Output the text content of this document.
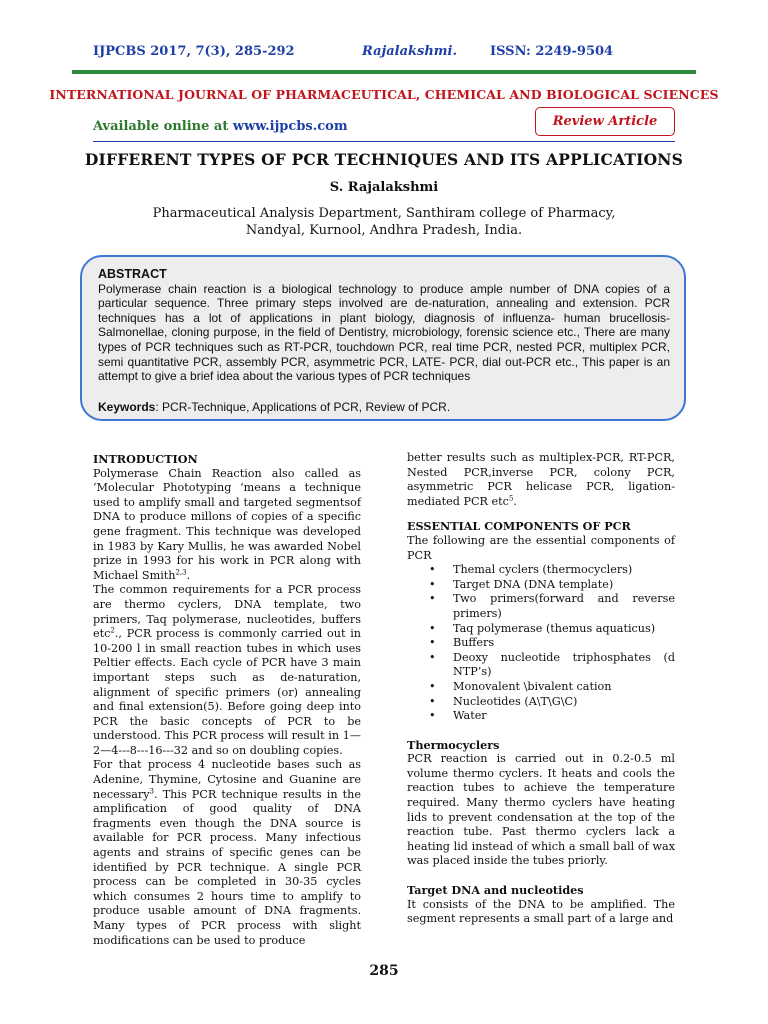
IJPCBS 2017, 7(3), 285-292	Rajalakshmi.	ISSN: 2249-9504
INTERNATIONAL JOURNAL OF PHARMACEUTICAL, CHEMICAL AND BIOLOGICAL SCIENCES
Available online at www.ijpcbs.com	Review Article
DIFFERENT TYPES OF PCR TECHNIQUES AND ITS APPLICATIONS
S. Rajalakshmi
Pharmaceutical Analysis Department, Santhiram college of Pharmacy,
Nandyal, Kurnool, Andhra Pradesh, India.
ABSTRACT
Polymerase chain reaction is a biological technology to produce ample number of DNA copies of a particular sequence. Three primary steps involved are de-naturation, annealing and extension. PCR techniques has a lot of applications in plant biology, diagnosis of influenza- human brucellosis- Salmonellae, cloning purpose, in the field of Dentistry, microbiology, forensic science etc., There are many types of PCR techniques such as RT-PCR, touchdown PCR, real time PCR, nested PCR, multiplex PCR, semi quantitative PCR, assembly PCR, asymmetric PCR, LATE- PCR, dial out-PCR etc., This paper is an attempt to give a brief idea about the various types of PCR techniques
Keywords: PCR-Technique, Applications of PCR, Review of PCR.
INTRODUCTION
Polymerase Chain Reaction also called as ‘Molecular Phototyping ‘means a technique used to amplify small and targeted segmentsof DNA to produce millons of copies of a specific gene fragment. This technique was developed in 1983 by Kary Mullis, he was awarded Nobel prize in 1993 for his work in PCR along with Michael Smith$^{2,3}$.
The common requirements for a PCR process are thermo cyclers, DNA template, two primers, Taq polymerase, nucleotides, buffers etc$^2$., PCR process is commonly carried out in 10-200 l in small reaction tubes in which uses Peltier effects. Each cycle of PCR have 3 main important steps such as de-naturation, alignment of specific primers (or) annealing and final extension(5). Before going deep into PCR the basic concepts of PCR to be understood. This PCR process will result in 1—2—4---8---16---32 and so on doubling copies.
For that process 4 nucleotide bases such as Adenine, Thymine, Cytosine and Guanine are necessary$^3$. This PCR technique results in the amplification of good quality of DNA fragments even though the DNA source is available for PCR process. Many infectious agents and strains of specific genes can be identified by PCR technique. A single PCR process can be completed in 30-35 cycles which consumes 2 hours time to amplify to produce usable amount of DNA fragments. Many types of PCR process with slight modifications can be used to produce
better results such as multiplex-PCR, RT-PCR, Nested PCR,inverse PCR, colony PCR, asymmetric PCR helicase PCR, ligation-mediated PCR etc$^5$.
ESSENTIAL COMPONENTS OF PCR
The following are the essential components of PCR
• Themal cyclers (thermocyclers)
• Target DNA (DNA template)
• Two primers(forward and reverse primers)
• Taq polymerase (themus aquaticus)
• Buffers
• Deoxy nucleotide triphosphates (d NTP’s)
• Monovalent \bivalent cation
• Nucleotides (A\T\G\C)
• Water
Thermocyclers
PCR reaction is carried out in 0.2-0.5 ml volume thermo cyclers. It heats and cools the reaction tubes to achieve the temperature required. Many thermo cyclers have heating lids to prevent condensation at the top of the reaction tube. Past thermo cyclers lack a heating lid instead of which a small ball of wax was placed inside the tubes priorly.
Target DNA and nucleotides
It consists of the DNA to be amplified. The segment represents a small part of a large and
285
